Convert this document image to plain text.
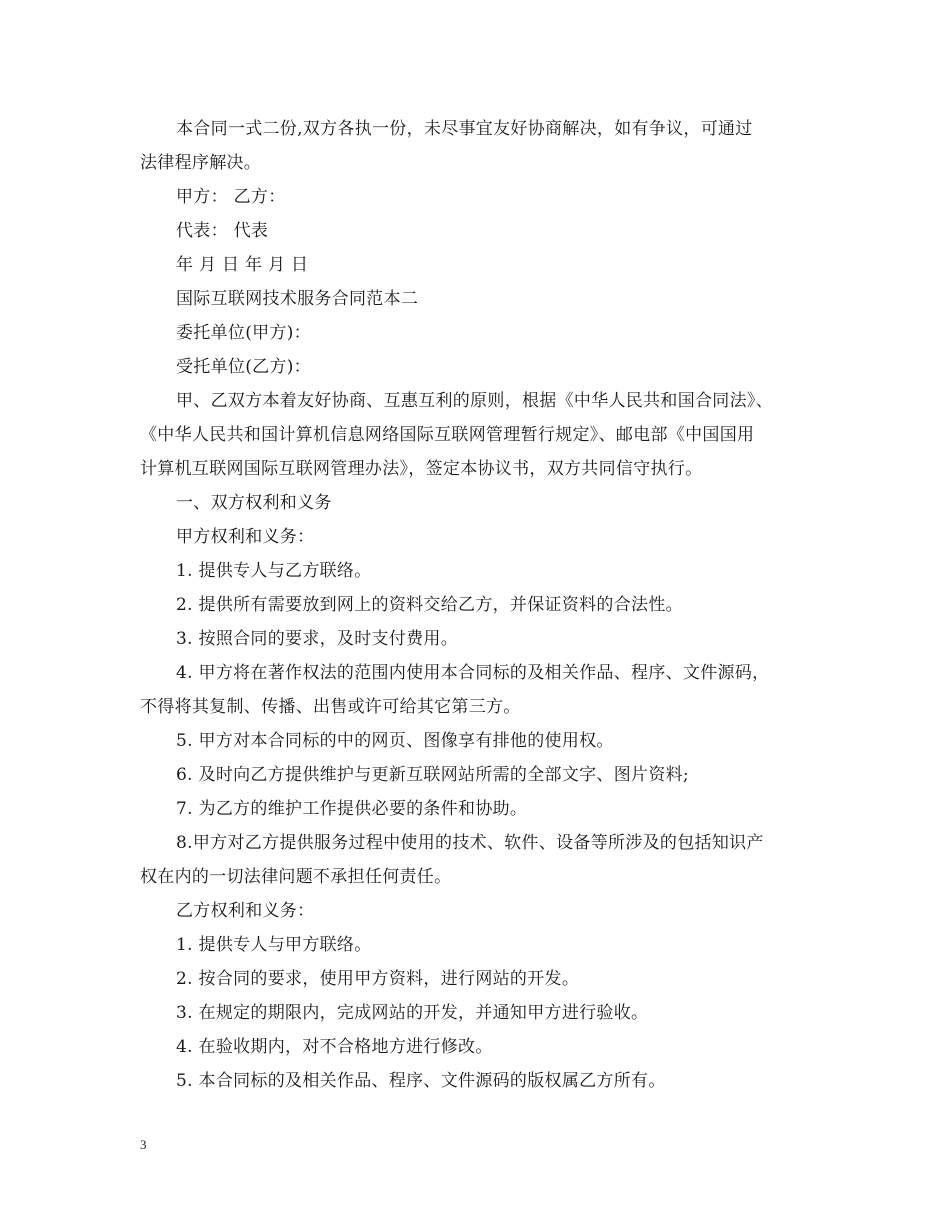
本合同一式二份,双方各执一份，未尽事宜友好协商解决，如有争议，可通过
法律程序解决。
甲方： 乙方：
代表： 代表
年 月 日 年 月 日
国际互联网技术服务合同范本二
委托单位(甲方)：
受托单位(乙方)：
甲、乙双方本着友好协商、互惠互利的原则，根据《中华人民共和国合同法》、
《中华人民共和国计算机信息网络国际互联网管理暂行规定》、邮电部《中国国用
计算机互联网国际互联网管理办法》，签定本协议书，双方共同信守执行。
一、双方权利和义务
甲方权利和义务：
1. 提供专人与乙方联络。
2. 提供所有需要放到网上的资料交给乙方，并保证资料的合法性。
3. 按照合同的要求，及时支付费用。
4. 甲方将在著作权法的范围内使用本合同标的及相关作品、程序、文件源码，
不得将其复制、传播、出售或许可给其它第三方。
5. 甲方对本合同标的中的网页、图像享有排他的使用权。
6. 及时向乙方提供维护与更新互联网站所需的全部文字、图片资料;
7. 为乙方的维护工作提供必要的条件和协助。
8.甲方对乙方提供服务过程中使用的技术、软件、设备等所涉及的包括知识产
权在内的一切法律问题不承担任何责任。
乙方权利和义务：
1. 提供专人与甲方联络。
2. 按合同的要求，使用甲方资料，进行网站的开发。
3. 在规定的期限内，完成网站的开发，并通知甲方进行验收。
4. 在验收期内，对不合格地方进行修改。
5. 本合同标的及相关作品、程序、文件源码的版权属乙方所有。
3
